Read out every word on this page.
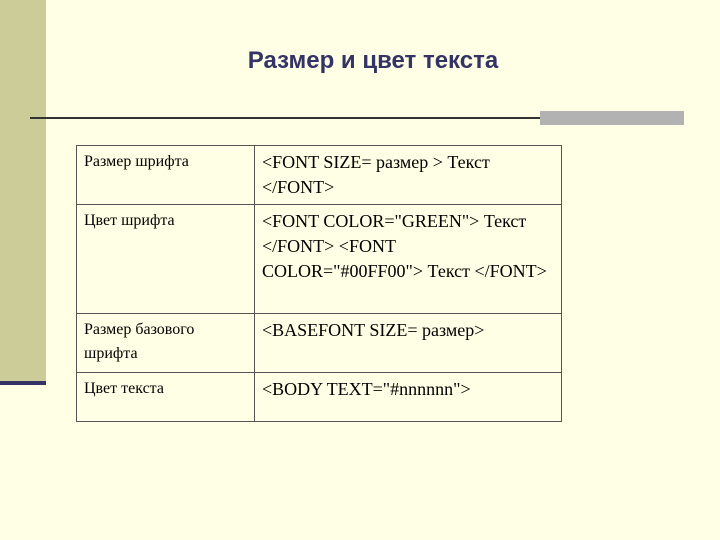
Размер и цвет текста
Размер шрифта	<FONT SIZE= размер > Текст </FONT>
Цвет шрифта	<FONT COLOR="GREEN"> Текст </FONT> <FONT COLOR="#00FF00"> Текст </FONT>
Размер базового шрифта	<BASEFONT SIZE= размер>
Цвет текста	<BODY TEXT="#nnnnnn">
